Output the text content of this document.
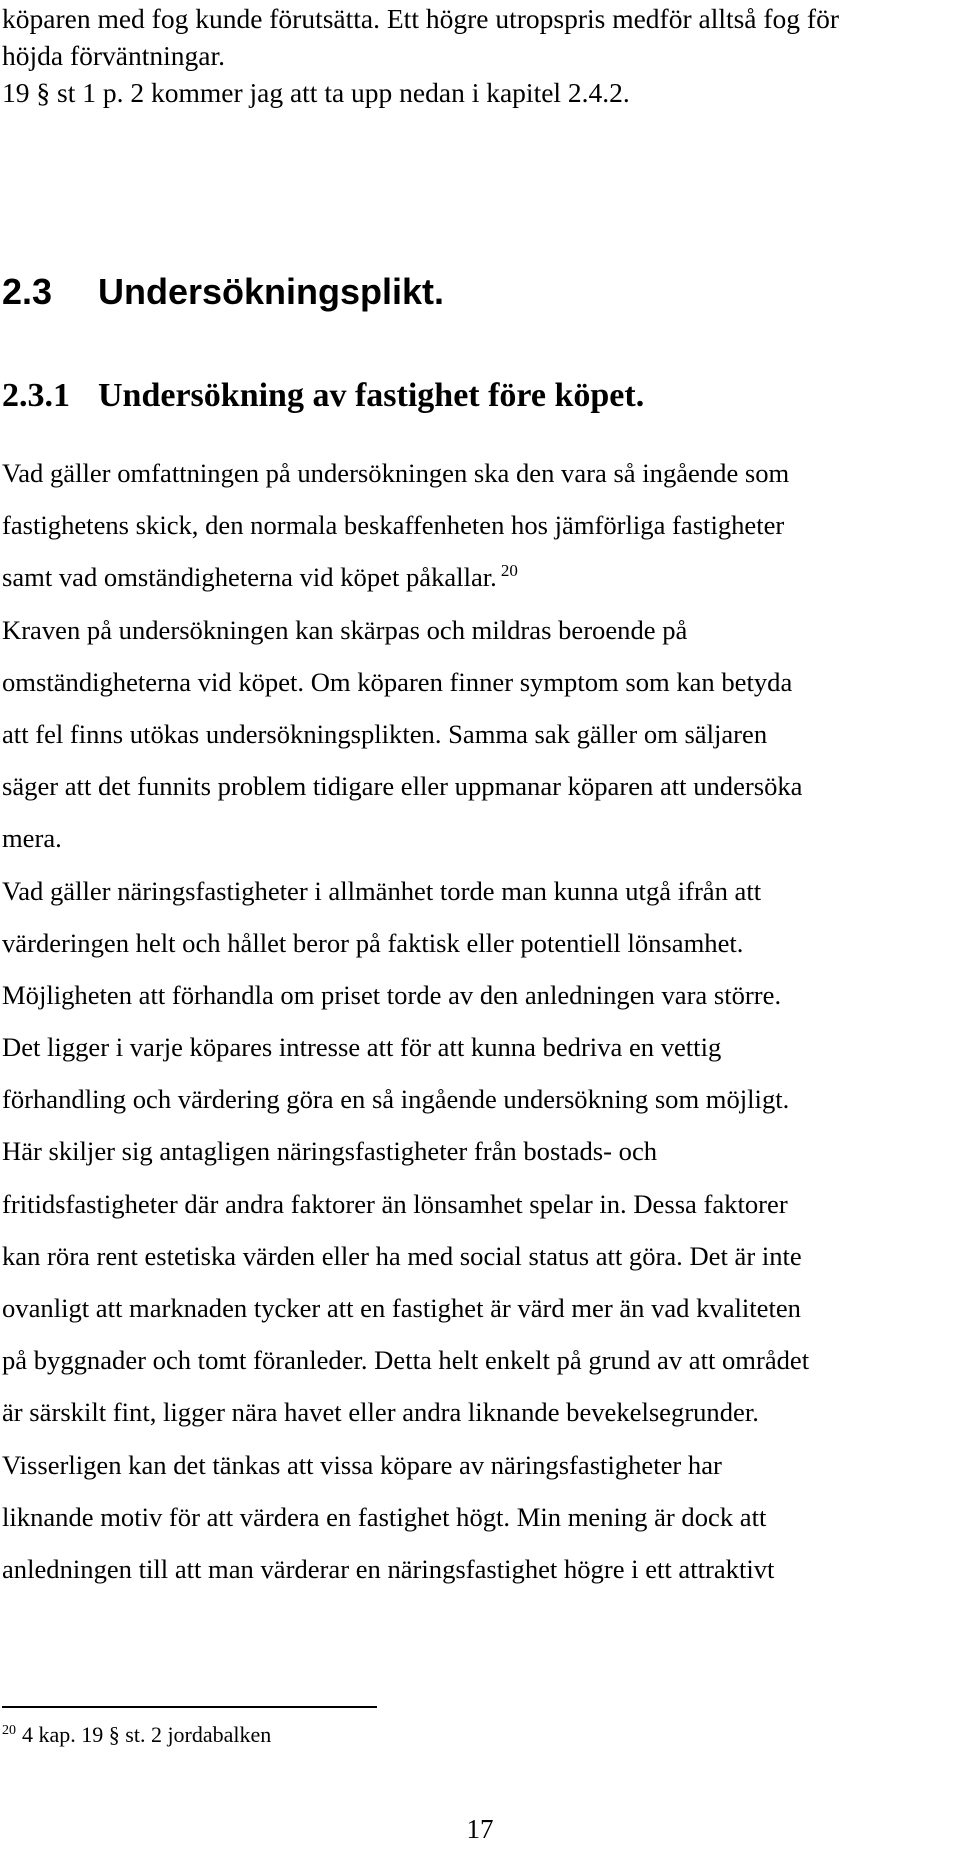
köparen med fog kunde förutsätta. Ett högre utropspris medför alltså fog för
höjda förväntningar.
19 § st 1 p. 2 kommer jag att ta upp nedan i kapitel 2.4.2.
2.3 Undersökningsplikt.
2.3.1 Undersökning av fastighet före köpet.
Vad gäller omfattningen på undersökningen ska den vara så ingående som
fastighetens skick, den normala beskaffenheten hos jämförliga fastigheter
samt vad omständigheterna vid köpet påkallar. $^{20}$
Kraven på undersökningen kan skärpas och mildras beroende på
omständigheterna vid köpet. Om köparen finner symptom som kan betyda
att fel finns utökas undersökningsplikten. Samma sak gäller om säljaren
säger att det funnits problem tidigare eller uppmanar köparen att undersöka
mera.
Vad gäller näringsfastigheter i allmänhet torde man kunna utgå ifrån att
värderingen helt och hållet beror på faktisk eller potentiell lönsamhet.
Möjligheten att förhandla om priset torde av den anledningen vara större.
Det ligger i varje köpares intresse att för att kunna bedriva en vettig
förhandling och värdering göra en så ingående undersökning som möjligt.
Här skiljer sig antagligen näringsfastigheter från bostads- och
fritidsfastigheter där andra faktorer än lönsamhet spelar in. Dessa faktorer
kan röra rent estetiska värden eller ha med social status att göra. Det är inte
ovanligt att marknaden tycker att en fastighet är värd mer än vad kvaliteten
på byggnader och tomt föranleder. Detta helt enkelt på grund av att området
är särskilt fint, ligger nära havet eller andra liknande bevekelsegrunder.
Visserligen kan det tänkas att vissa köpare av näringsfastigheter har
liknande motiv för att värdera en fastighet högt. Min mening är dock att
anledningen till att man värderar en näringsfastighet högre i ett attraktivt
$^{20}$ 4 kap. 19 § st. 2 jordabalken
17
